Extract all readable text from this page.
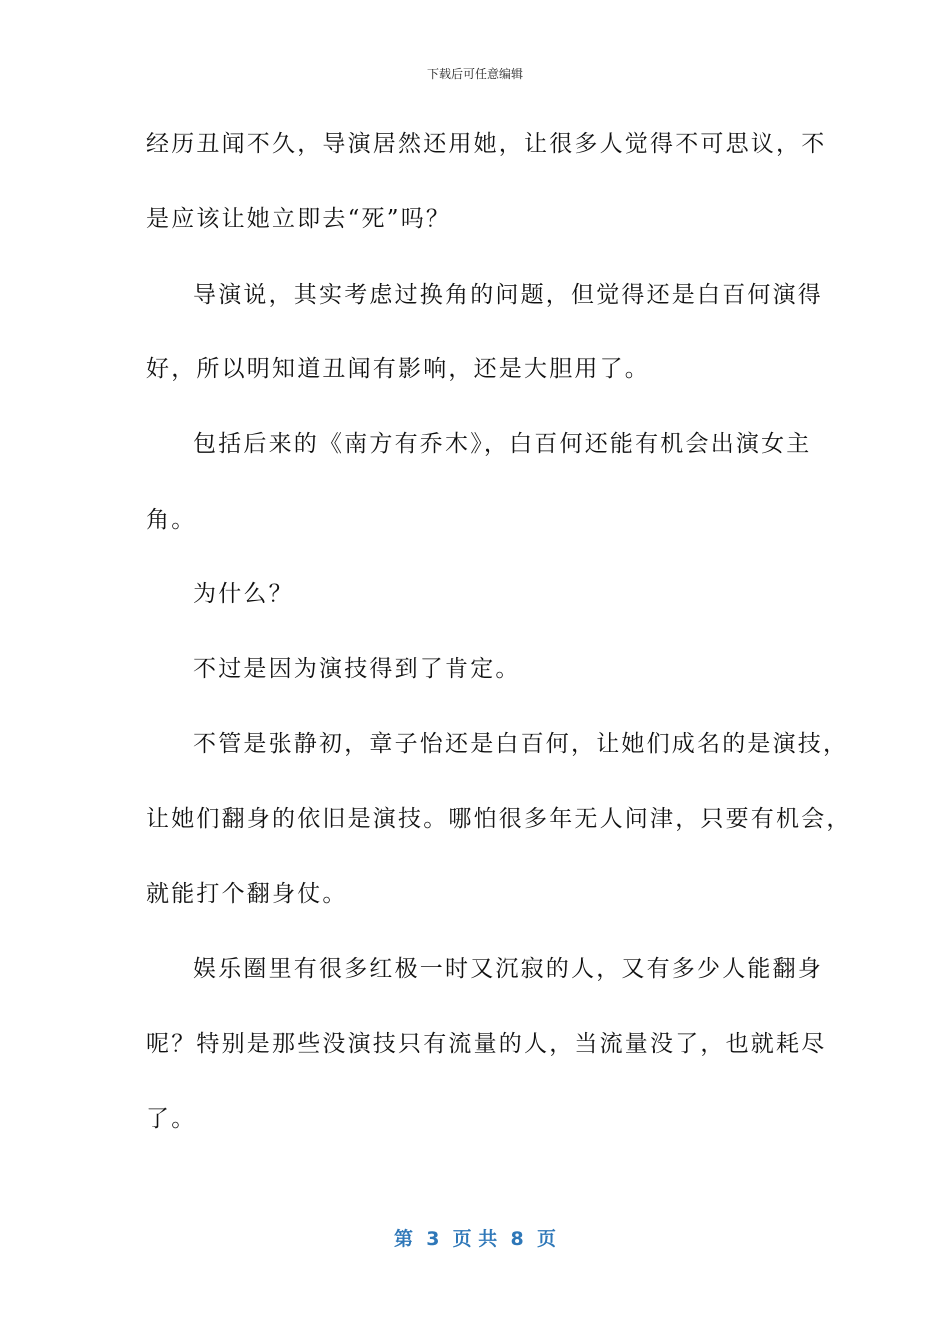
下载后可任意编辑
经历丑闻不久，导演居然还用她，让很多人觉得不可思议，不
是应该让她立即去“死”吗？
导演说，其实考虑过换角的问题，但觉得还是白百何演得
好，所以明知道丑闻有影响，还是大胆用了。
包括后来的《南方有乔木》，白百何还能有机会出演女主
角。
为什么？
不过是因为演技得到了肯定。
不管是张静初，章子怡还是白百何，让她们成名的是演技，
让她们翻身的依旧是演技。哪怕很多年无人问津，只要有机会，
就能打个翻身仗。
娱乐圈里有很多红极一时又沉寂的人，又有多少人能翻身
呢？特别是那些没演技只有流量的人，当流量没了，也就耗尽
了。
第  3  页 共  8  页
